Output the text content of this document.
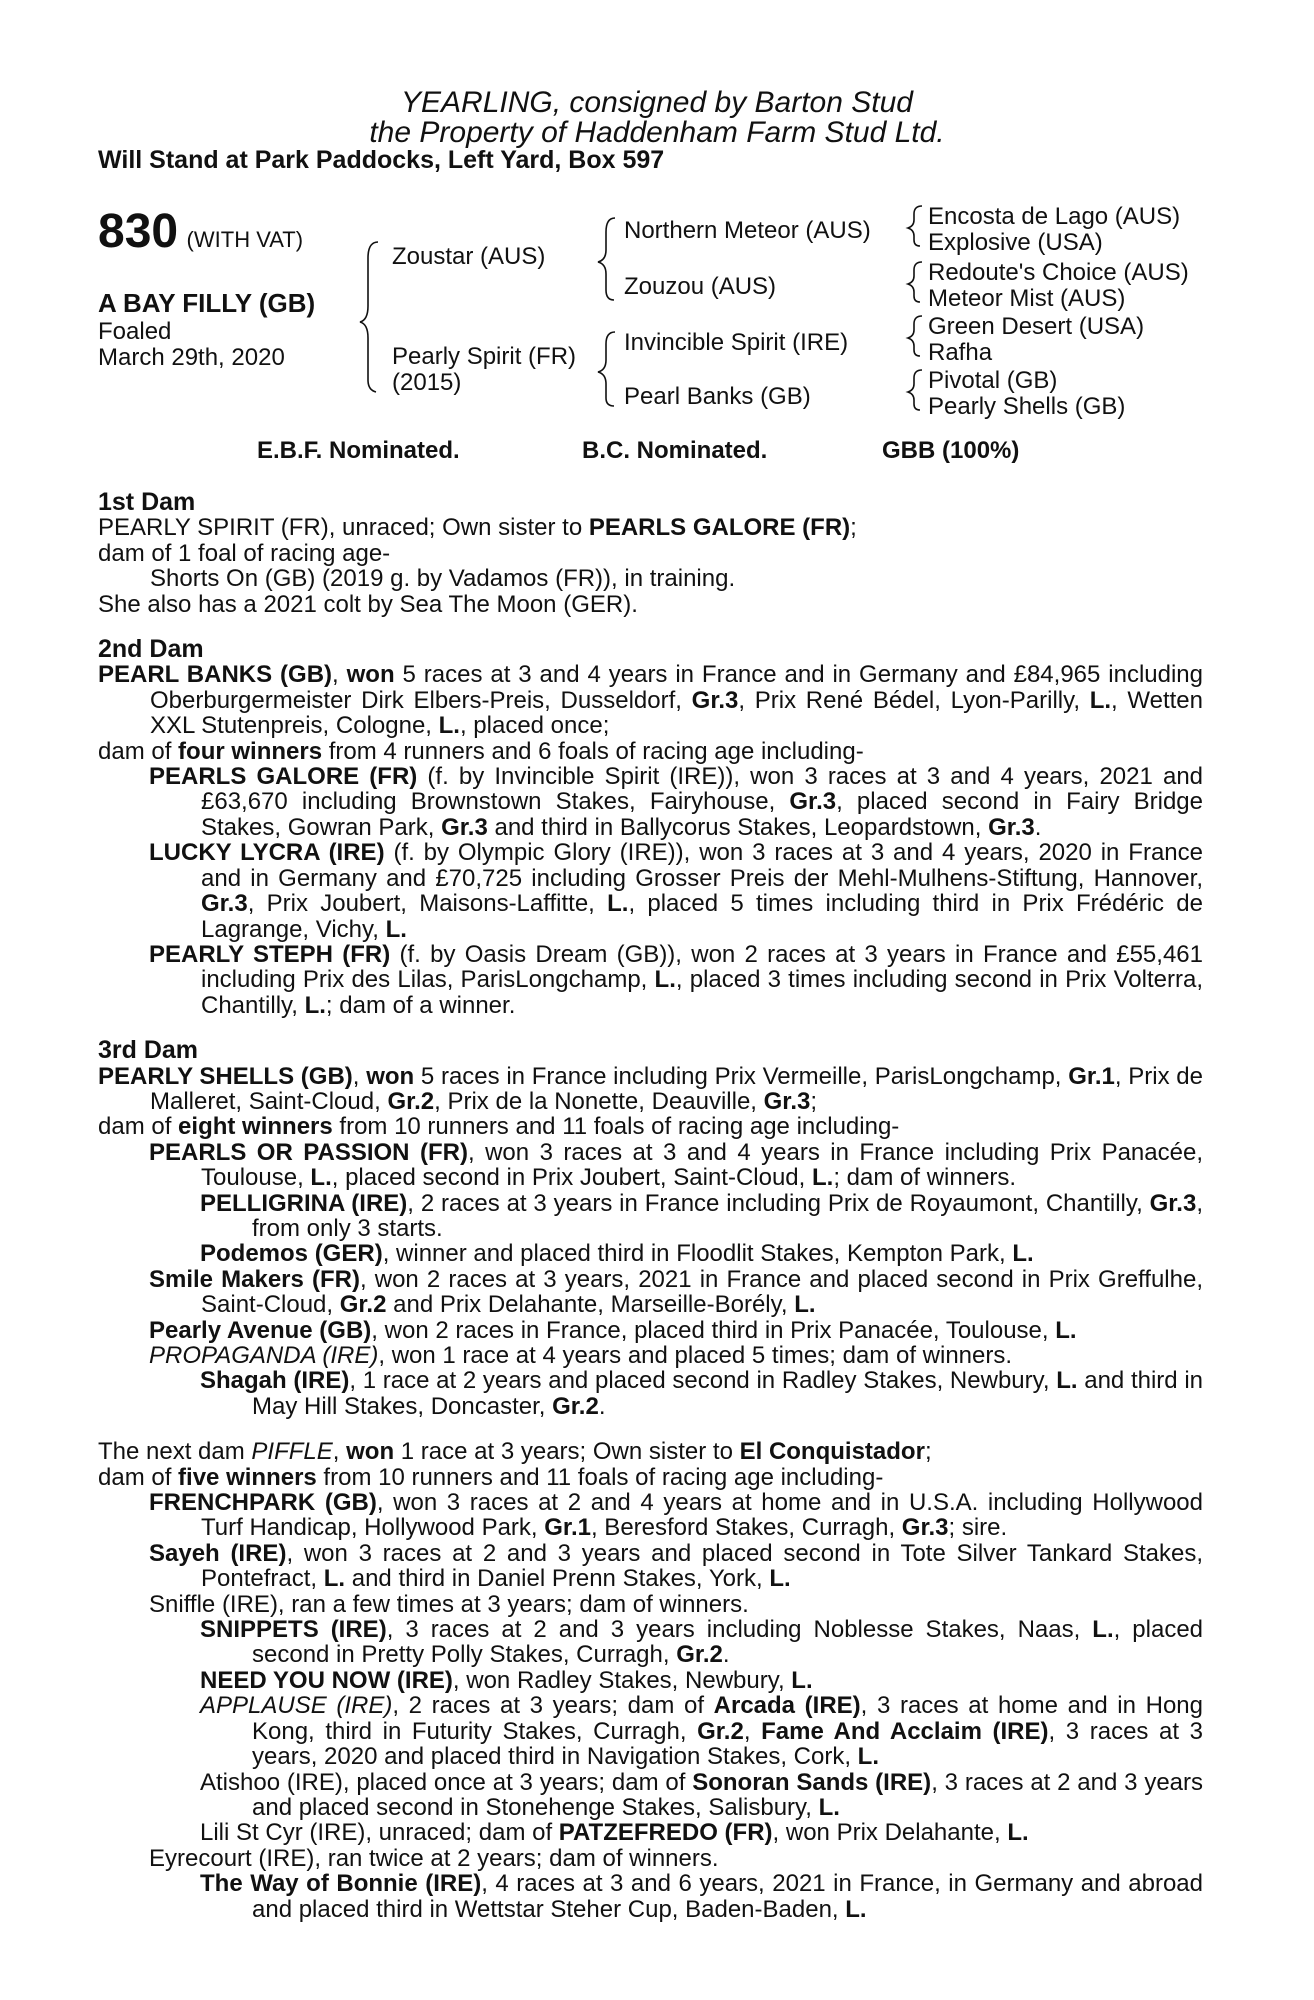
YEARLING, consigned by Barton Stud
the Property of Haddenham Farm Stud Ltd.
Will Stand at Park Paddocks, Left Yard, Box 597
830 (WITH VAT)
A BAY FILLY (GB)
Foaled
March 29th, 2020
Zoustar (AUS)
Pearly Spirit (FR)
(2015)
Northern Meteor (AUS)
Zouzou (AUS)
Invincible Spirit (IRE)
Pearl Banks (GB)
Encosta de Lago (AUS)
Explosive (USA)
Redoute's Choice (AUS)
Meteor Mist (AUS)
Green Desert (USA)
Rafha
Pivotal (GB)
Pearly Shells (GB)
E.B.F. Nominated.	B.C. Nominated.	GBB (100%)

1st Dam

PEARLY SPIRIT (FR), unraced; Own sister to PEARLS GALORE (FR);

dam of 1 foal of racing age-

Shorts On (GB) (2019 g. by Vadamos (FR)), in training.

She also has a 2021 colt by Sea The Moon (GER).

2nd Dam

PEARL BANKS (GB), won 5 races at 3 and 4 years in France and in Germany and £84,965 including Oberburgermeister Dirk Elbers-Preis, Dusseldorf, Gr.3, Prix René Bédel, Lyon-Parilly, L., Wetten XXL Stutenpreis, Cologne, L., placed once;

dam of four winners from 4 runners and 6 foals of racing age including-

PEARLS GALORE (FR) (f. by Invincible Spirit (IRE)), won 3 races at 3 and 4 years, 2021 and £63,670 including Brownstown Stakes, Fairyhouse, Gr.3, placed second in Fairy Bridge Stakes, Gowran Park, Gr.3 and third in Ballycorus Stakes, Leopardstown, Gr.3.

LUCKY LYCRA (IRE) (f. by Olympic Glory (IRE)), won 3 races at 3 and 4 years, 2020 in France and in Germany and £70,725 including Grosser Preis der Mehl-Mulhens-Stiftung, Hannover, Gr.3, Prix Joubert, Maisons-Laffitte, L., placed 5 times including third in Prix Frédéric de Lagrange, Vichy, L.

PEARLY STEPH (FR) (f. by Oasis Dream (GB)), won 2 races at 3 years in France and £55,461 including Prix des Lilas, ParisLongchamp, L., placed 3 times including second in Prix Volterra, Chantilly, L.; dam of a winner.

3rd Dam

PEARLY SHELLS (GB), won 5 races in France including Prix Vermeille, ParisLongchamp, Gr.1, Prix de Malleret, Saint-Cloud, Gr.2, Prix de la Nonette, Deauville, Gr.3;

dam of eight winners from 10 runners and 11 foals of racing age including-

PEARLS OR PASSION (FR), won 3 races at 3 and 4 years in France including Prix Panacée, Toulouse, L., placed second in Prix Joubert, Saint-Cloud, L.; dam of winners.

PELLIGRINA (IRE), 2 races at 3 years in France including Prix de Royaumont, Chantilly, Gr.3, from only 3 starts.

Podemos (GER), winner and placed third in Floodlit Stakes, Kempton Park, L.

Smile Makers (FR), won 2 races at 3 years, 2021 in France and placed second in Prix Greffulhe, Saint-Cloud, Gr.2 and Prix Delahante, Marseille-Borély, L.

Pearly Avenue (GB), won 2 races in France, placed third in Prix Panacée, Toulouse, L.

PROPAGANDA (IRE), won 1 race at 4 years and placed 5 times; dam of winners.

Shagah (IRE), 1 race at 2 years and placed second in Radley Stakes, Newbury, L. and third in May Hill Stakes, Doncaster, Gr.2.

The next dam PIFFLE, won 1 race at 3 years; Own sister to El Conquistador;

dam of five winners from 10 runners and 11 foals of racing age including-

FRENCHPARK (GB), won 3 races at 2 and 4 years at home and in U.S.A. including Hollywood Turf Handicap, Hollywood Park, Gr.1, Beresford Stakes, Curragh, Gr.3; sire.

Sayeh (IRE), won 3 races at 2 and 3 years and placed second in Tote Silver Tankard Stakes, Pontefract, L. and third in Daniel Prenn Stakes, York, L.

Sniffle (IRE), ran a few times at 3 years; dam of winners.

SNIPPETS (IRE), 3 races at 2 and 3 years including Noblesse Stakes, Naas, L., placed second in Pretty Polly Stakes, Curragh, Gr.2.

NEED YOU NOW (IRE), won Radley Stakes, Newbury, L.

APPLAUSE (IRE), 2 races at 3 years; dam of Arcada (IRE), 3 races at home and in Hong Kong, third in Futurity Stakes, Curragh, Gr.2, Fame And Acclaim (IRE), 3 races at 3 years, 2020 and placed third in Navigation Stakes, Cork, L.

Atishoo (IRE), placed once at 3 years; dam of Sonoran Sands (IRE), 3 races at 2 and 3 years and placed second in Stonehenge Stakes, Salisbury, L.

Lili St Cyr (IRE), unraced; dam of PATZEFREDO (FR), won Prix Delahante, L.

Eyrecourt (IRE), ran twice at 2 years; dam of winners.

The Way of Bonnie (IRE), 4 races at 3 and 6 years, 2021 in France, in Germany and abroad and placed third in Wettstar Steher Cup, Baden-Baden, L.
